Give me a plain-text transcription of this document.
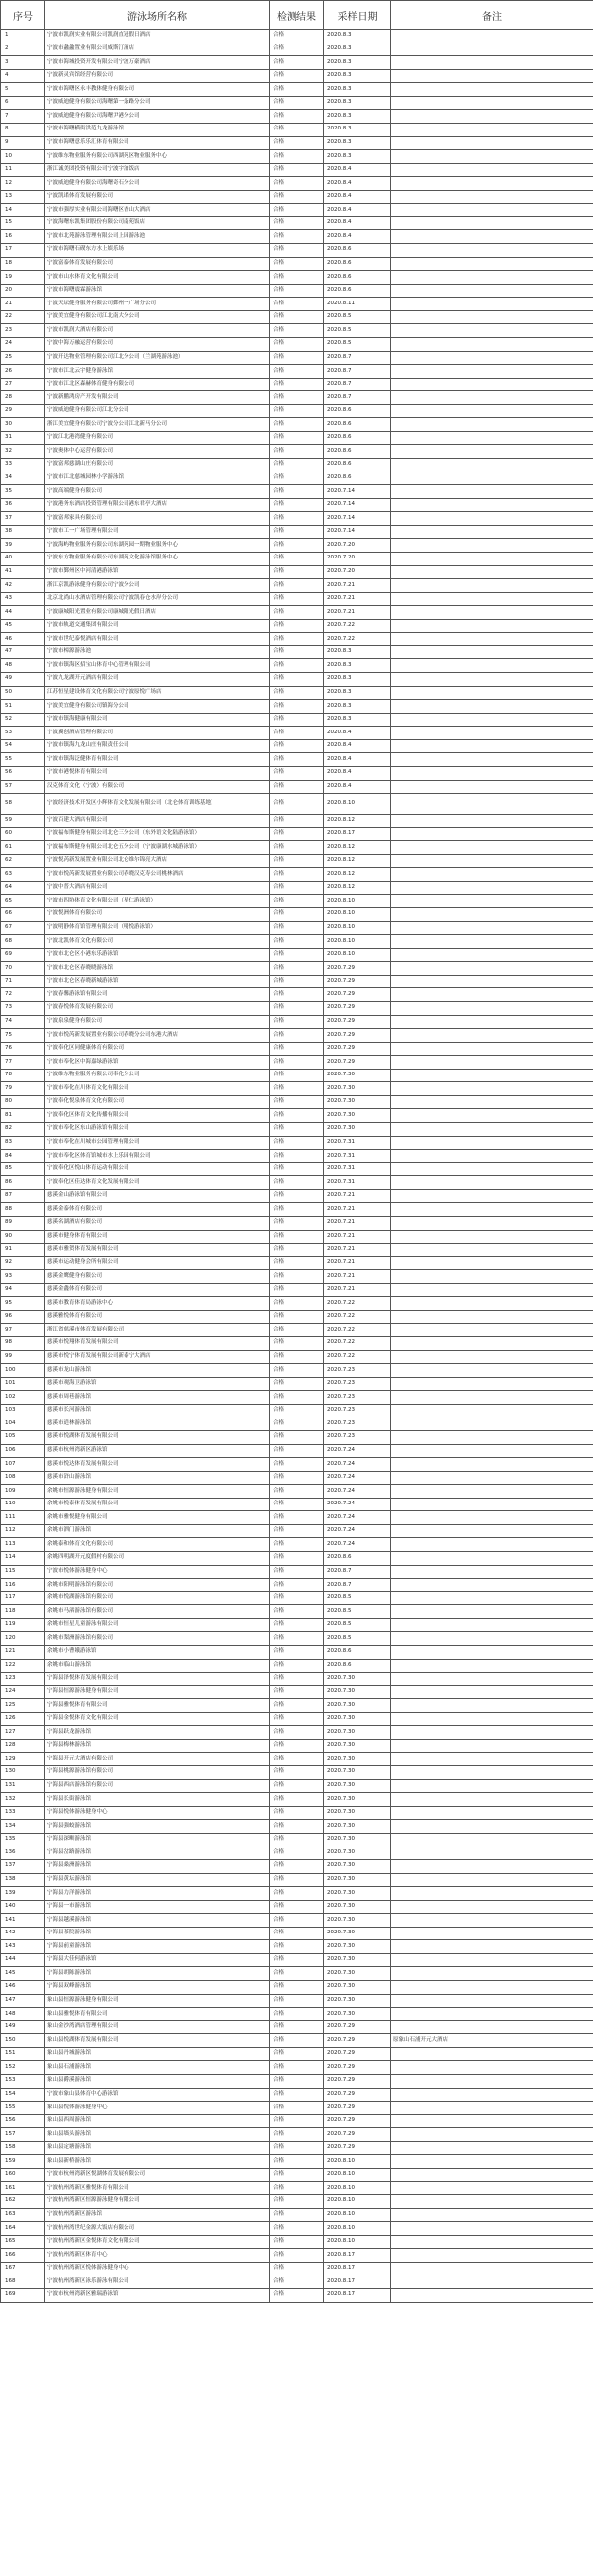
序号	游泳场所名称	检测结果	采样日期	备注
1	宁波市凯润实业有限公司凯润直冠假日酒店	合格	2020.8.3	
2	宁波市蠡蠡置业有限公司威斯汀酒店	合格	2020.8.3	
3	宁波市海城投资开发有限公司宁波万豪酒店	合格	2020.8.3	
4	宁波新灵宾馆经营有限公司	合格	2020.8.3	
5	宁波市海曙区永丰教体健身有限公司	合格	2020.8.3	
6	宁波威迪健身有限公司海曙第一条路分公司	合格	2020.8.3	
7	宁波威迪健身有限公司海曙尹港分公司	合格	2020.8.3	
8	宁波市海曙横街洪范九龙游泳馆	合格	2020.8.3	
9	宁波市海曙意乐乐汇体育有限公司	合格	2020.8.3	
10	宁波维东物业服务有限公司西湖苑区物业服务中心	合格	2020.8.3	
11	浙江诚美团投资有限公司宁波宇泊饭店	合格	2020.8.4	
12	宁波威迪健身有限公司海曙奇石分公司	合格	2020.8.4	
13	宁波凯诺体育发展有限公司	合格	2020.8.4	
14	宁波市强厚实业有限公司海曙区香山大酒店	合格	2020.8.4	
15	宁波海曙东凯集团股份有限公司南苑饭店	合格	2020.8.4	
16	宁波市北苑游泳管理有限公司上园游泳池	合格	2020.8.4	
17	宁波市海曙石碶东方水上娱乐场	合格	2020.8.6	
18	宁波富泰体育发展有限公司	合格	2020.8.6	
19	宁波市山水体育文化有限公司	合格	2020.8.6	
20	宁波市海曙震霖游泳馆	合格	2020.8.6	
21	宁波天坛健身服务有限公司鄞州一广场分公司	合格	2020.8.11	
22	宁波美宜健身有限公司江北南大分公司	合格	2020.8.5	
23	宁波市凯润大酒店有限公司	合格	2020.8.5	
24	宁波中海万融运营有限公司	合格	2020.8.5	
25	宁波开达物业管理有限公司江北分公司（兰湖苑游泳池）	合格	2020.8.7	
26	宁波市江北云宇健身游泳馆	合格	2020.8.7	
27	宁波市江北区森赫体育健身有限公司	合格	2020.8.7	
28	宁波新鹏鸿房产开发有限公司	合格	2020.8.7	
29	宁波威迪健身有限公司江北分公司	合格	2020.8.6	
30	浙江美宜健身有限公司宁波分公司江北新马分公司	合格	2020.8.6	
31	宁波江北港湾健身有限公司	合格	2020.8.6	
32	宁波奥体中心运营有限公司	合格	2020.8.6	
33	宁波富邦慈湖山庄有限公司	合格	2020.8.6	
34	宁波市江北慈城园林小学游泳馆	合格	2020.8.6	
35	宁波高端健身有限公司	合格	2020.7.14	
36	宁波港务东酒店投资管理有限公司港东君亭大酒店	合格	2020.7.14	
37	宁波富邦家具有限公司	合格	2020.7.14	
38	宁波市工一广场管理有限公司	合格	2020.7.14	
39	宁波海屿物业服务有限公司东湖苑园一期物业服务中心	合格	2020.7.20	
40	宁波东方物业服务有限公司东湖苑文化游泳馆服务中心	合格	2020.7.20	
41	宁波市鄞州区中河清港游泳馆	合格	2020.7.20	
42	浙江京凯游泳健身有限公司宁波分公司	合格	2020.7.21	
43	北京北尚山水酒店管理有限公司宁波凯春仓水岸分公司	合格	2020.7.21	
44	宁波康城阳光置业有限公司康城阳光假日酒店	合格	2020.7.21	
45	宁波市轨道交通集团有限公司	合格	2020.7.22	
46	宁波市世纪泰悦酒店有限公司	合格	2020.7.22	
47	宁波市樟源游泳池	合格	2020.8.3	
48	宁波市镇海区招宝山体育中心管理有限公司	合格	2020.8.3	
49	宁波九龙湖开元酒店有限公司	合格	2020.8.3	
50	江苏恒星建设体育文化有限公司宁波原悦广场店	合格	2020.8.3	
51	宁波美宜健身有限公司镇海分公司	合格	2020.8.3	
52	宁波市镇海健康有限公司	合格	2020.8.3	
53	宁波翼创酒店管理有限公司	合格	2020.8.4	
54	宁波市镇海九龙山庄有限责任公司	合格	2020.8.4	
55	宁波市镇海泛健体育有限公司	合格	2020.8.4	
56	宁波市港悦体育有限公司	合格	2020.8.4	
57	汉克体育文化（宁波）有限公司	合格	2020.8.4	
58	宁波经济技术开发区小辉体育文化发展有限公司（北仑体育训练基地）	合格	2020.8.10	
59	宁波百建大酒店有限公司	合格	2020.8.12	
60	宁波福布斯健身有限公司北仑三分公司（东外语文化陆游泳馆）	合格	2020.8.17	
61	宁波福布斯健身有限公司北仑五分公司（宁波康湖水城游泳馆）	合格	2020.8.12	
62	宁波悦芮新发展置业有限公司北仑维尔锦亮大酒店	合格	2020.8.12	
63	宁波市悦芮新发展置业有限公司春晓汉克寿公司桃林酒店	合格	2020.8.12	
64	宁波中普大酒店有限公司	合格	2020.8.12	
65	宁波市四协体育文化有限公司（星仁游泳馆）	合格	2020.8.10	
66	宁波悦洲体育有限公司	合格	2020.8.10	
67	宁波明静体育馆管理有限公司（明悦游泳馆）	合格	2020.8.10	
68	宁波北凯体育文化有限公司	合格	2020.8.10	
69	宁波市北仑区小港东乐游泳馆	合格	2020.8.10	
70	宁波市北仑区春晓晓游泳馆	合格	2020.7.29	
71	宁波市北仑区春晓新城游泳馆	合格	2020.7.29	
72	宁波春馨游泳馆有限公司	合格	2020.7.29	
73	宁波春悦体育发展有限公司	合格	2020.7.29	
74	宁波泉泉健身有限公司	合格	2020.7.29	
75	宁波市悦芮新发展置业有限公司春晓分公司东港大酒店	合格	2020.7.29	
76	宁波奉化区同健康体育有限公司	合格	2020.7.29	
77	宁波市奉化区中海嘉绿游泳馆	合格	2020.7.29	
78	宁波维东物业服务有限公司奉化分公司	合格	2020.7.30	
79	宁波市奉化在川体育文化有限公司	合格	2020.7.30	
80	宁波奉化悦泉体育文化有限公司	合格	2020.7.30	
81	宁波奉化区体育文化传播有限公司	合格	2020.7.30	
82	宁波市奉化区东山游泳馆有限公司	合格	2020.7.30	
83	宁波市奉化在川城市公园管理有限公司	合格	2020.7.31	
84	宁波市奉化区体育馆城市水上乐园有限公司	合格	2020.7.31	
85	宁波奉化区悦山体育运动有限公司	合格	2020.7.31	
86	宁波奉化区佳达体育文化发展有限公司	合格	2020.7.31	
87	慈溪金山游泳馆有限公司	合格	2020.7.21	
88	慈溪金泰体育有限公司	合格	2020.7.21	
89	慈溪名湖酒店有限公司	合格	2020.7.21	
90	慈溪市健身体育有限公司	合格	2020.7.21	
91	慈溪市雅贺体育发展有限公司	合格	2020.7.21	
92	慈溪市运动健身会所有限公司	合格	2020.7.21	
93	慈溪金鹰健身有限公司	合格	2020.7.21	
94	慈溪金鑫体育有限公司	合格	2020.7.21	
95	慈溪市教育体育局游泳中心	合格	2020.7.22	
96	慈溪雅悦体育有限公司	合格	2020.7.22	
97	浙江省慈溪市体育发展有限公司	合格	2020.7.22	
98	慈溪市悦翔体育发展有限公司	合格	2020.7.22	
99	慈溪市悦宁体育发展有限公司新泰宁大酒店	合格	2020.7.22	
100	慈溪市龙山游泳馆	合格	2020.7.23	
101	慈溪市观海卫游泳馆	合格	2020.7.23	
102	慈溪市周巷游泳馆	合格	2020.7.23	
103	慈溪市长河游泳馆	合格	2020.7.23	
104	慈溪市逍林游泳馆	合格	2020.7.23	
105	慈溪市悦湖体育发展有限公司	合格	2020.7.23	
106	慈溪市杭州湾新区游泳馆	合格	2020.7.24	
107	慈溪市悦达体育发展有限公司	合格	2020.7.24	
108	慈溪市浒山游泳馆	合格	2020.7.24	
109	余姚市恒源游泳健身有限公司	合格	2020.7.24	
110	余姚市悦泰体育发展有限公司	合格	2020.7.24	
111	余姚市雅悦健身有限公司	合格	2020.7.24	
112	余姚市泗门游泳馆	合格	2020.7.24	
113	余姚泰和体育文化有限公司	合格	2020.7.24	
114	余姚四明湖开元度假村有限公司	合格	2020.8.6	
115	宁波市悦体游泳健身中心	合格	2020.8.7	
116	余姚市阳明游泳馆有限公司	合格	2020.8.7	
117	余姚市悦湖游泳馆有限公司	合格	2020.8.5	
118	余姚市马渚游泳馆有限公司	合格	2020.8.5	
119	余姚市恒星儿童游泳有限公司	合格	2020.8.5	
120	余姚市梨洲游泳馆有限公司	合格	2020.8.5	
121	余姚市小曹娥游泳馆	合格	2020.8.6	
122	余姚市临山游泳馆	合格	2020.8.6	
123	宁海县泽悦体育发展有限公司	合格	2020.7.30	
124	宁海县恒源游泳健身有限公司	合格	2020.7.30	
125	宁海县雅悦体育有限公司	合格	2020.7.30	
126	宁海县金悦体育文化有限公司	合格	2020.7.30	
127	宁海县跃龙游泳馆	合格	2020.7.30	
128	宁海县梅林游泳馆	合格	2020.7.30	
129	宁海县开元大酒店有限公司	合格	2020.7.30	
130	宁海县桃源游泳馆有限公司	合格	2020.7.30	
131	宁海县西店游泳馆有限公司	合格	2020.7.30	
132	宁海县长街游泳馆	合格	2020.7.30	
133	宁海县悦体游泳健身中心	合格	2020.7.30	
134	宁海县强蛟游泳馆	合格	2020.7.30	
135	宁海县深甽游泳馆	合格	2020.7.30	
136	宁海县岔路游泳馆	合格	2020.7.30	
137	宁海县桑洲游泳馆	合格	2020.7.30	
138	宁海县黄坛游泳馆	合格	2020.7.30	
139	宁海县力洋游泳馆	合格	2020.7.30	
140	宁海县一市游泳馆	合格	2020.7.30	
141	宁海县越溪游泳馆	合格	2020.7.30	
142	宁海县茶院游泳馆	合格	2020.7.30	
143	宁海县前童游泳馆	合格	2020.7.30	
144	宁海县大佳何游泳馆	合格	2020.7.30	
145	宁海县胡陈游泳馆	合格	2020.7.30	
146	宁海县双峰游泳馆	合格	2020.7.30	
147	象山县恒源游泳健身有限公司	合格	2020.7.30	
148	象山县雅悦体育有限公司	合格	2020.7.30	
149	象山金沙湾酒店管理有限公司	合格	2020.7.29	
150	象山县悦湖体育发展有限公司	合格	2020.7.29	原象山石浦开元大酒店
151	象山县丹城游泳馆	合格	2020.7.29	
152	象山县石浦游泳馆	合格	2020.7.29	
153	象山县爵溪游泳馆	合格	2020.7.29	
154	宁波市象山县体育中心游泳馆	合格	2020.7.29	
155	象山县悦体游泳健身中心	合格	2020.7.29	
156	象山县西周游泳馆	合格	2020.7.29	
157	象山县墙头游泳馆	合格	2020.7.29	
158	象山县定塘游泳馆	合格	2020.7.29	
159	象山县新桥游泳馆	合格	2020.8.10	
160	宁波市杭州湾新区悦湖体育发展有限公司	合格	2020.8.10	
161	宁波杭州湾新区雅悦体育有限公司	合格	2020.8.10	
162	宁波杭州湾新区恒源游泳健身有限公司	合格	2020.8.10	
163	宁波杭州湾新区游泳馆	合格	2020.8.10	
164	宁波杭州湾世纪金源大饭店有限公司	合格	2020.8.10	
165	宁波杭州湾新区金悦体育文化有限公司	合格	2020.8.10	
166	宁波杭州湾新区体育中心	合格	2020.8.17	
167	宁波杭州湾新区悦体游泳健身中心	合格	2020.8.17	
168	宁波杭州湾新区泳乐游泳有限公司	合格	2020.8.17	
169	宁波市杭州湾新区雅瑞游泳馆	合格	2020.8.17	
